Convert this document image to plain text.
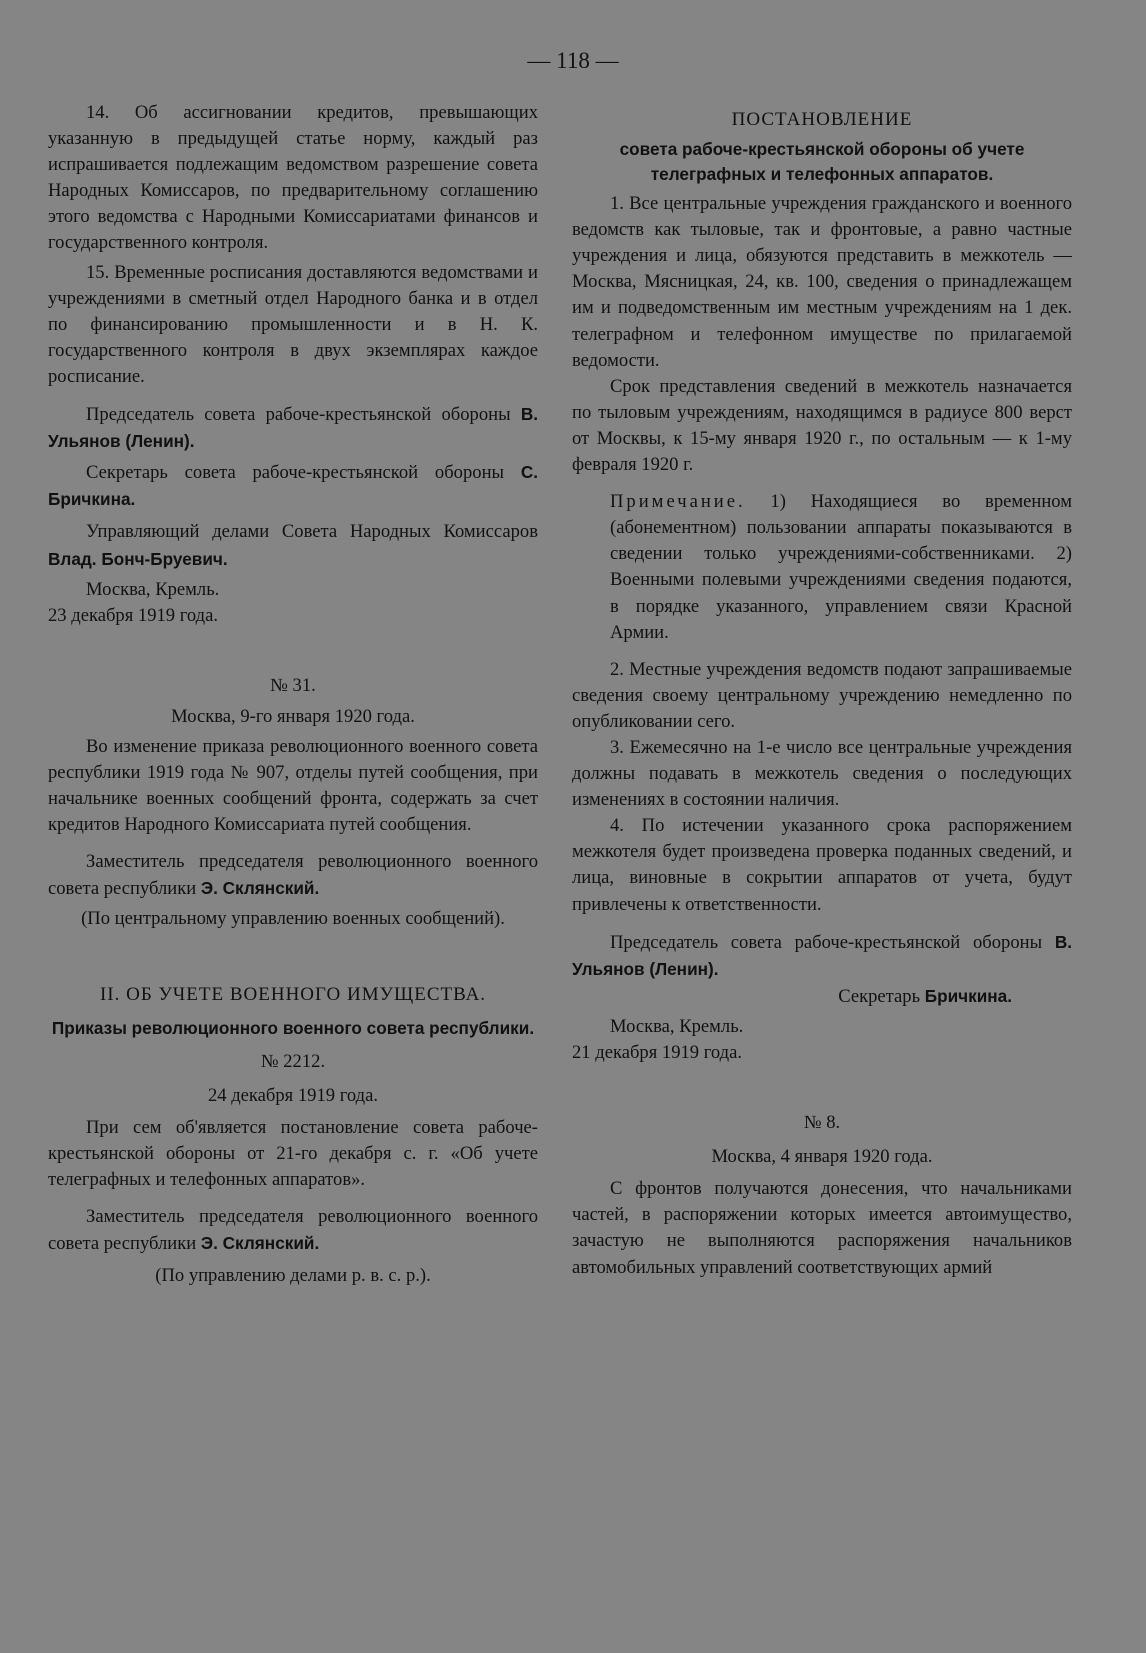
— 118 —

14. Об ассигновании кредитов, превышающих указанную в предыдущей статье норму, каждый раз испрашивается подлежащим ведомством разрешение совета Народных Комиссаров, по предварительному соглашению этого ведомства с Народными Комиссариатами финансов и государственного контроля.

15. Временные росписания доставляются ведомствами и учреждениями в сметный отдел Народного банка и в отдел по финансированию промышленности и в Н. К. государственного контроля в двух экземплярах каждое росписание.

Председатель совета рабоче-крестьянской обороны В. Ульянов (Ленин).

Секретарь совета рабоче-крестьянской обороны С. Бричкина.

Управляющий делами Совета Народных Комиссаров Влад. Бонч-Бруевич.

Москва, Кремль.

23 декабря 1919 года.

№ 31.

Москва, 9-го января 1920 года.

Во изменение приказа революционного военного совета республики 1919 года № 907, отделы путей сообщения, при начальнике военных сообщений фронта, содержать за счет кредитов Народного Комиссариата путей сообщения.

Заместитель председателя революционного военного совета республики Э. Склянский.

(По центральному управлению военных сообщений).

II. ОБ УЧЕТЕ ВОЕННОГО ИМУЩЕСТВА.

Приказы революционного военного совета республики.

№ 2212.

24 декабря 1919 года.

При сем об'является постановление совета рабоче-крестьянской обороны от 21-го декабря с. г. «Об учете телеграфных и телефонных аппаратов».

Заместитель председателя революционного военного совета республики Э. Склянский.

(По управлению делами р. в. с. р.).

ПОСТАНОВЛЕНИЕ

совета рабоче-крестьянской обороны об учете телеграфных и телефонных аппаратов.

1. Все центральные учреждения гражданского и военного ведомств как тыловые, так и фронтовые, а равно частные учреждения и лица, обязуются представить в межкотель — Москва, Мясницкая, 24, кв. 100, сведения о принадлежащем им и подведомственным им местным учреждениям на 1 дек. телеграфном и телефонном имуществе по прилагаемой ведомости.

Срок представления сведений в межкотель назначается по тыловым учреждениям, находящимся в радиусе 800 верст от Москвы, к 15-му января 1920 г., по остальным — к 1-му февраля 1920 г.

Примечание. 1) Находящиеся во временном (абонементном) пользовании аппараты показываются в сведении только учреждениями-собственниками. 2) Военными полевыми учреждениями сведения подаются, в порядке указанного, управлением связи Красной Армии.

2. Местные учреждения ведомств подают запрашиваемые сведения своему центральному учреждению немедленно по опубликовании сего.

3. Ежемесячно на 1-е число все центральные учреждения должны подавать в межкотель сведения о последующих изменениях в состоянии наличия.

4. По истечении указанного срока распоряжением межкотеля будет произведена проверка поданных сведений, и лица, виновные в сокрытии аппаратов от учета, будут привлечены к ответственности.

Председатель совета рабоче-крестьянской обороны В. Ульянов (Ленин).

Секретарь Бричкина.

Москва, Кремль.

21 декабря 1919 года.

№ 8.

Москва, 4 января 1920 года.

С фронтов получаются донесения, что начальниками частей, в распоряжении которых имеется автоимущество, зачастую не выполняются распоряжения начальников автомобильных управлений соответствующих армий
